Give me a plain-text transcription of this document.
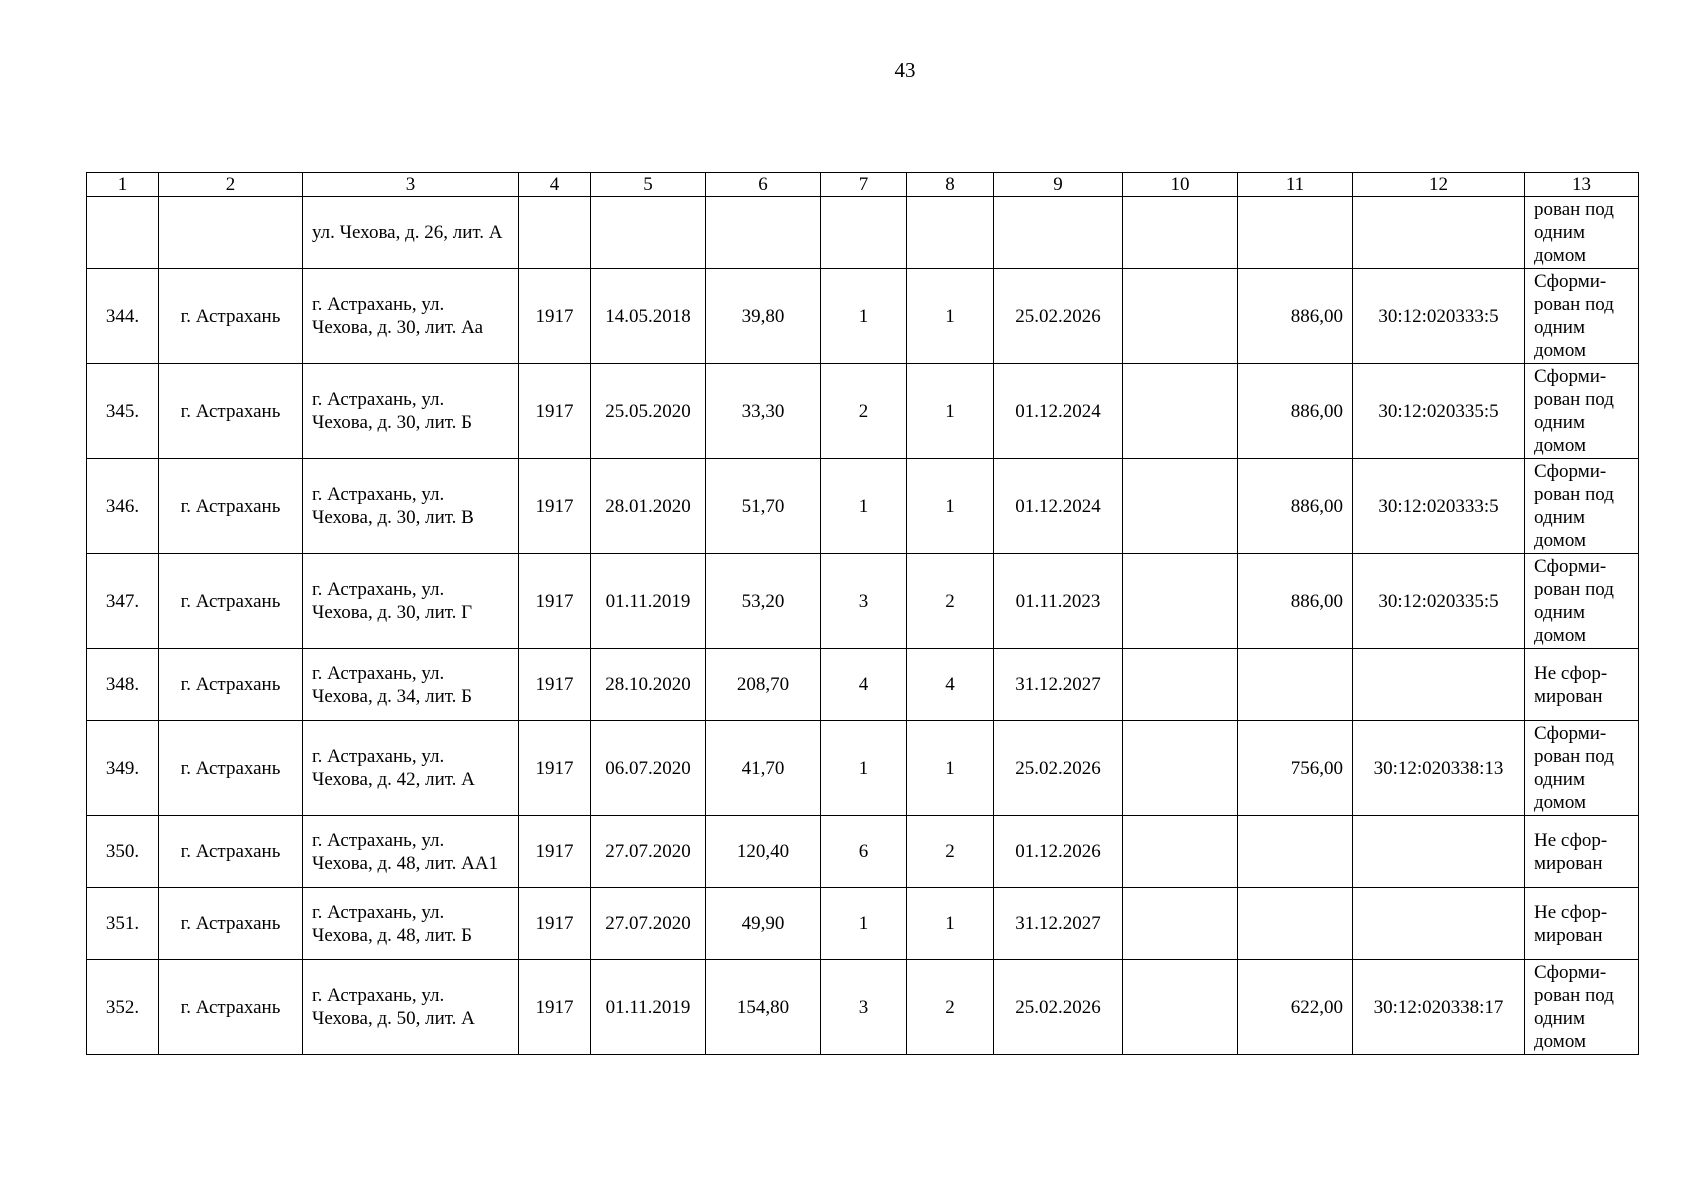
43
1	2	3	4	5	6	7	8	9	10	11	12	13
		ул. Чехова, д. 26, лит. А										рован под одним домом
344.	г. Астрахань	г. Астрахань, ул. Чехова, д. 30, лит. Аа	1917	14.05.2018	39,80	1	1	25.02.2026		886,00	30:12:020333:5	Сформи-рован под одним домом
345.	г. Астрахань	г. Астрахань, ул. Чехова, д. 30, лит. Б	1917	25.05.2020	33,30	2	1	01.12.2024		886,00	30:12:020335:5	Сформи-рован под одним домом
346.	г. Астрахань	г. Астрахань, ул. Чехова, д. 30, лит. В	1917	28.01.2020	51,70	1	1	01.12.2024		886,00	30:12:020333:5	Сформи-рован под одним домом
347.	г. Астрахань	г. Астрахань, ул. Чехова, д. 30, лит. Г	1917	01.11.2019	53,20	3	2	01.11.2023		886,00	30:12:020335:5	Сформи-рован под одним домом
348.	г. Астрахань	г. Астрахань, ул. Чехова, д. 34, лит. Б	1917	28.10.2020	208,70	4	4	31.12.2027				Не сфор-мирован
349.	г. Астрахань	г. Астрахань, ул. Чехова, д. 42, лит. А	1917	06.07.2020	41,70	1	1	25.02.2026		756,00	30:12:020338:13	Сформи-рован под одним домом
350.	г. Астрахань	г. Астрахань, ул. Чехова, д. 48, лит. АА1	1917	27.07.2020	120,40	6	2	01.12.2026				Не сфор-мирован
351.	г. Астрахань	г. Астрахань, ул. Чехова, д. 48, лит. Б	1917	27.07.2020	49,90	1	1	31.12.2027				Не сфор-мирован
352.	г. Астрахань	г. Астрахань, ул. Чехова, д. 50, лит. А	1917	01.11.2019	154,80	3	2	25.02.2026		622,00	30:12:020338:17	Сформи-рован под одним домом
